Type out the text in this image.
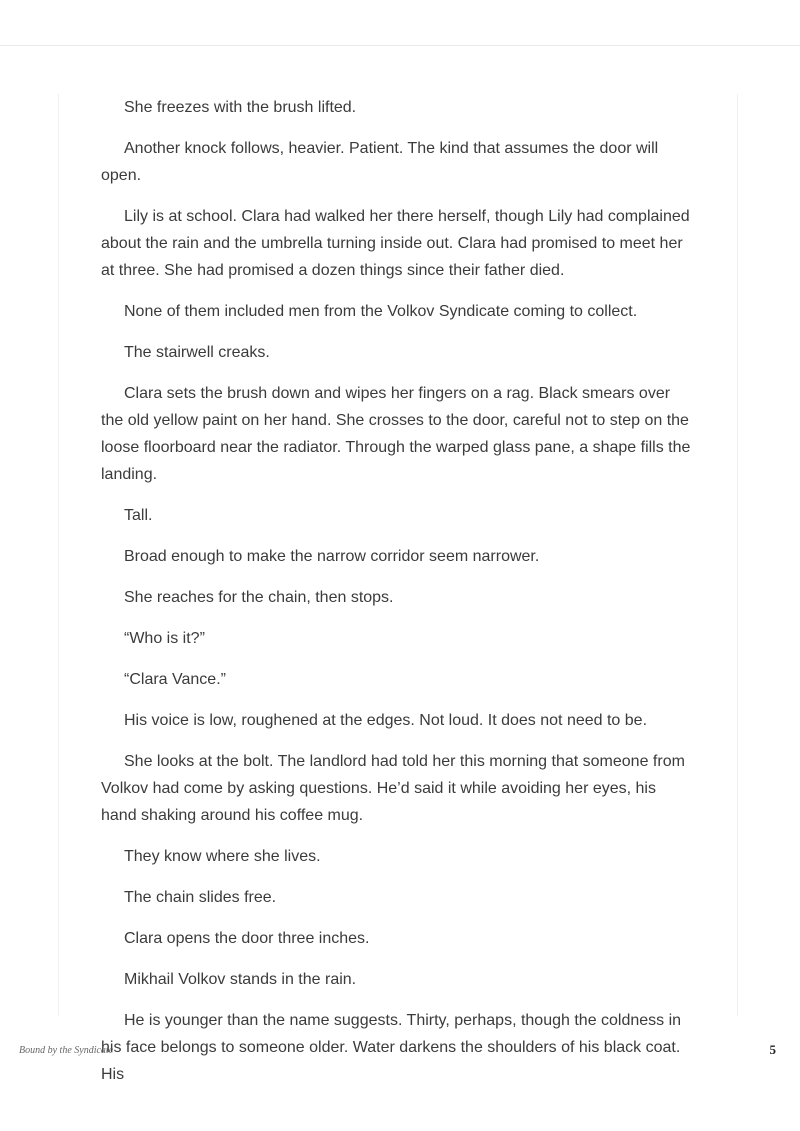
She freezes with the brush lifted.

Another knock follows, heavier. Patient. The kind that assumes the door will open.

Lily is at school. Clara had walked her there herself, though Lily had complained about the rain and the umbrella turning inside out. Clara had promised to meet her at three. She had promised a dozen things since their father died.

None of them included men from the Volkov Syndicate coming to collect.

The stairwell creaks.

Clara sets the brush down and wipes her fingers on a rag. Black smears over the old yellow paint on her hand. She crosses to the door, careful not to step on the loose floorboard near the radiator. Through the warped glass pane, a shape fills the landing.

Tall.

Broad enough to make the narrow corridor seem narrower.

She reaches for the chain, then stops.

“Who is it?”

“Clara Vance.”

His voice is low, roughened at the edges. Not loud. It does not need to be.

She looks at the bolt. The landlord had told her this morning that someone from Volkov had come by asking questions. He’d said it while avoiding her eyes, his hand shaking around his coffee mug.

They know where she lives.

The chain slides free.

Clara opens the door three inches.

Mikhail Volkov stands in the rain.

He is younger than the name suggests. Thirty, perhaps, though the coldness in his face belongs to someone older. Water darkens the shoulders of his black coat. His

Bound by the Syndicate	5
